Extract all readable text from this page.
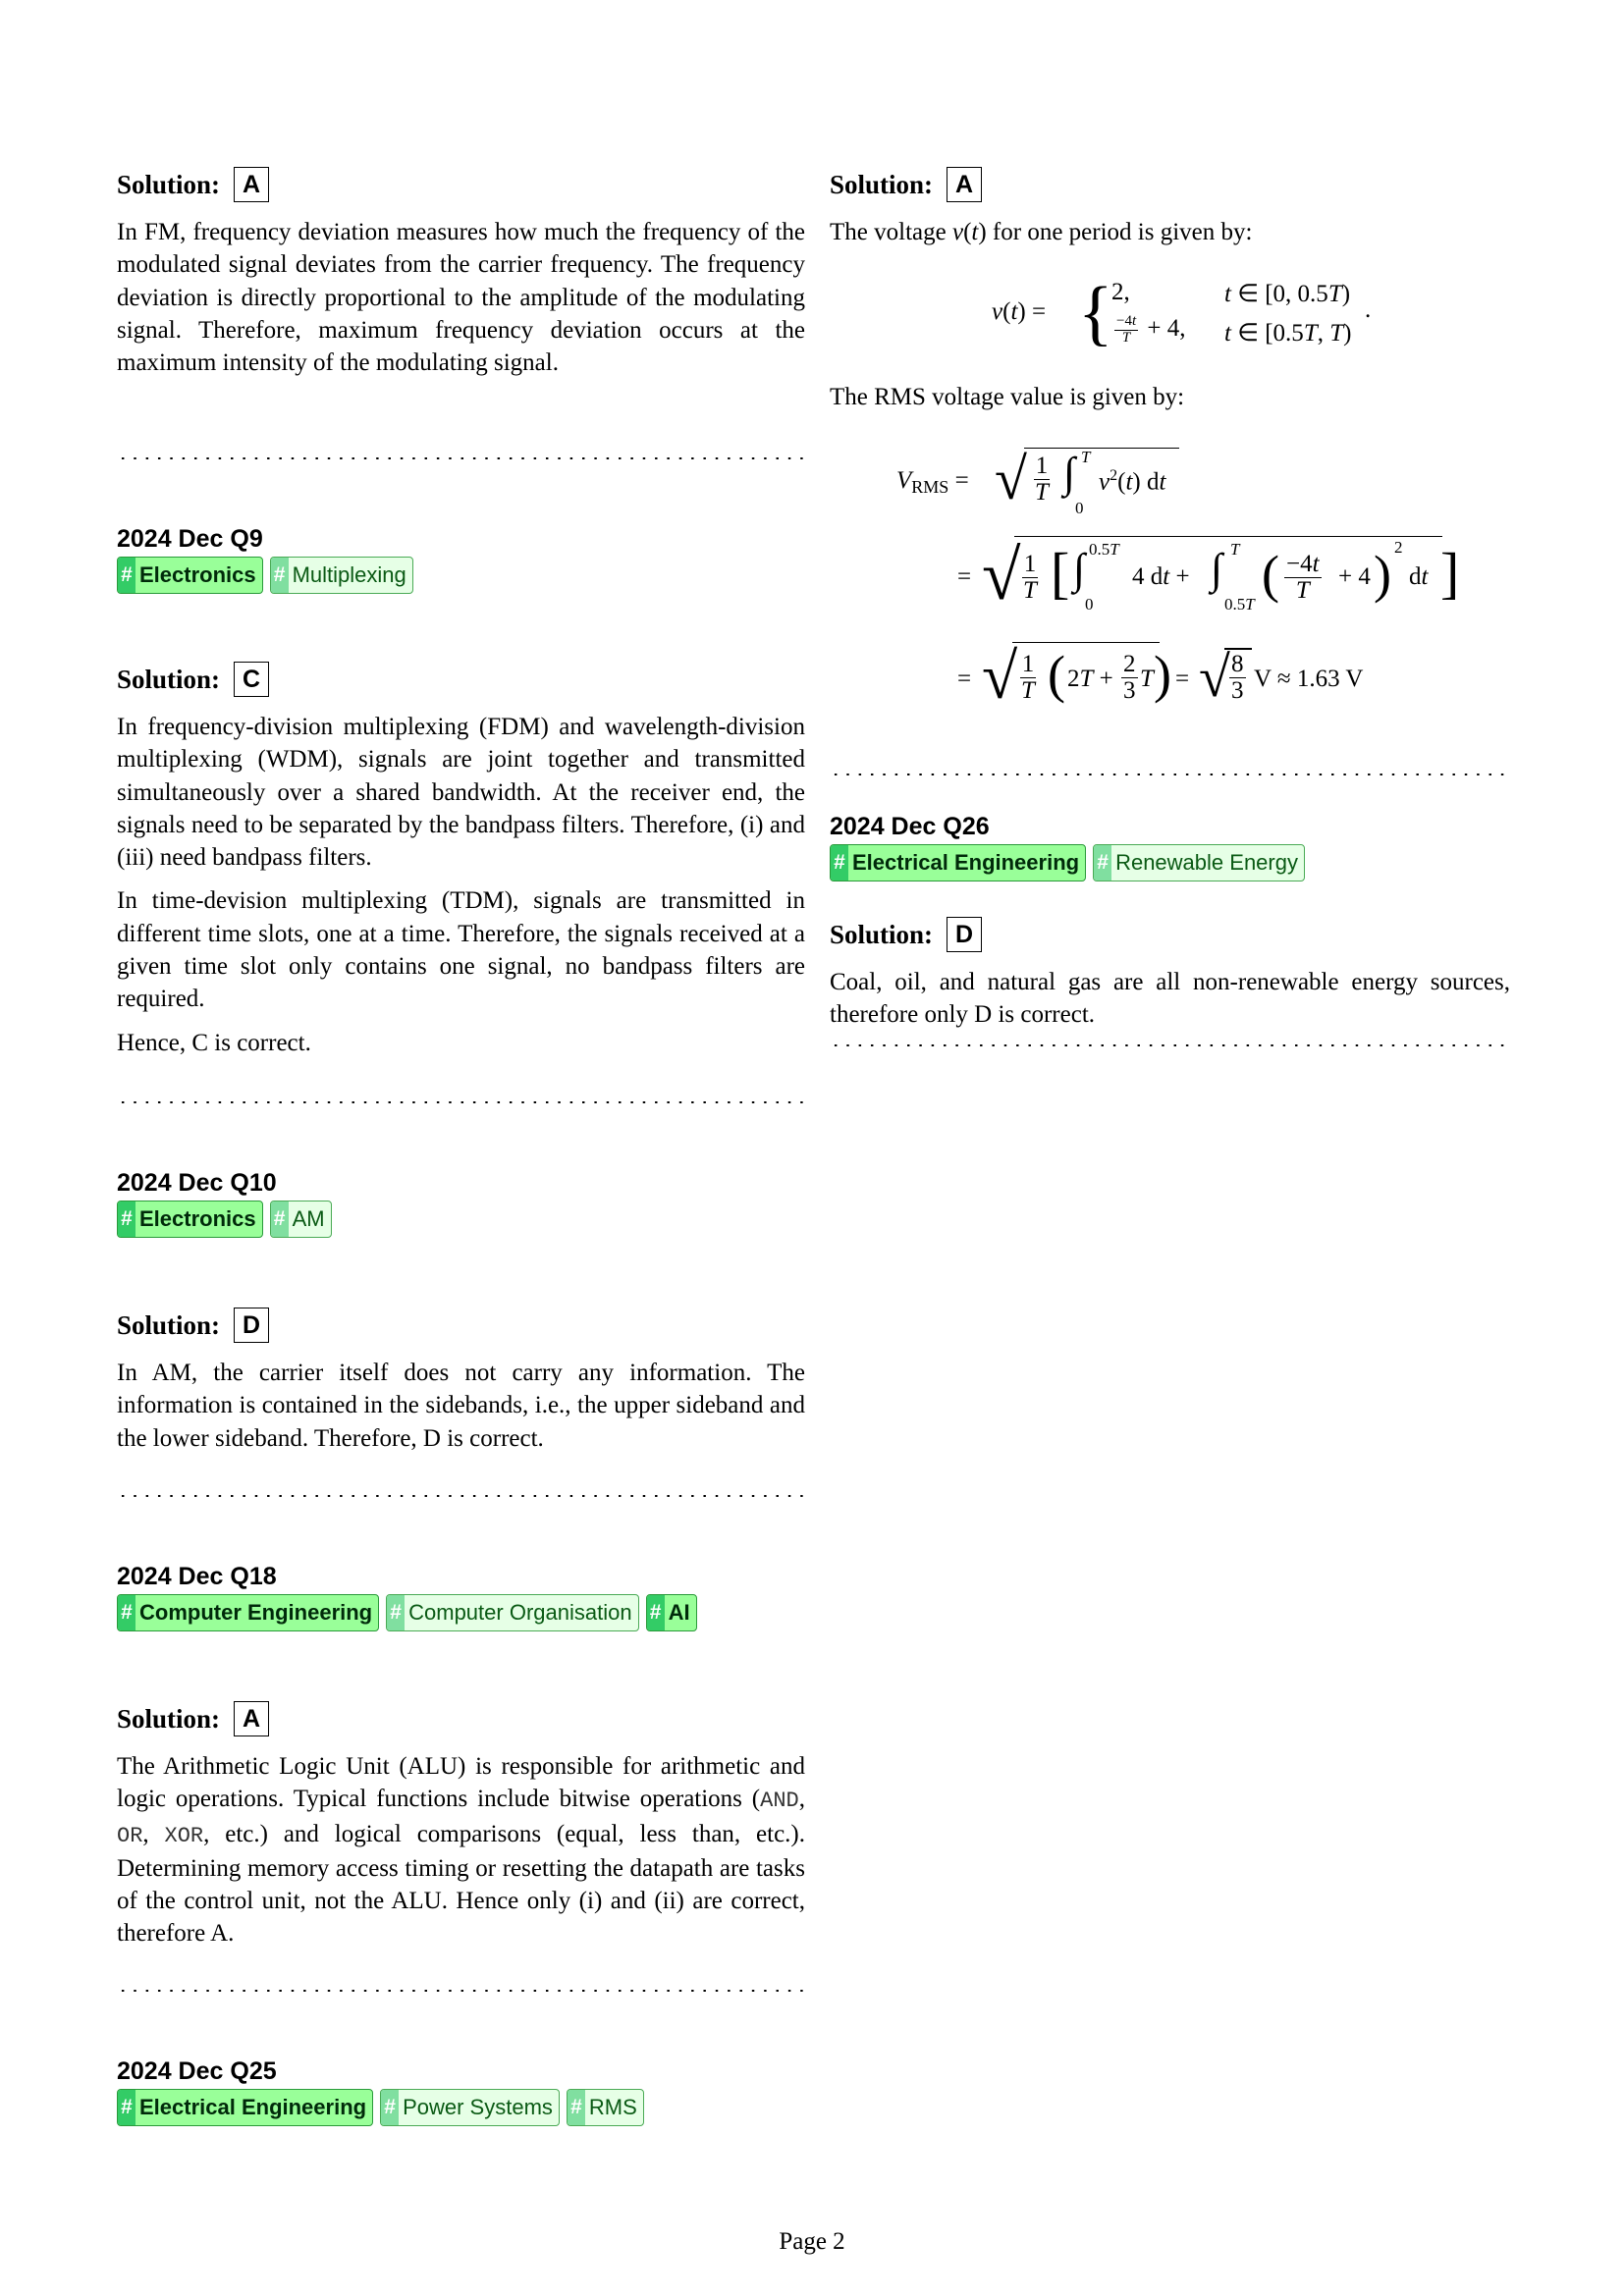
Solution: A

In FM, frequency deviation measures how much the frequency of the modulated signal deviates from the carrier frequency. The frequency deviation is directly proportional to the amplitude of the modulating signal. Therefore, maximum frequency deviation occurs at the maximum intensity of the modulating signal.

2024 Dec Q9
# Electronics # Multiplexing
Solution: C

In frequency-division multiplexing (FDM) and wavelength-division multiplexing (WDM), signals are joint together and transmitted simultaneously over a shared bandwidth. At the receiver end, the signals need to be separated by the bandpass filters. Therefore, (i) and (iii) need bandpass filters.

In time-devision multiplexing (TDM), signals are transmitted in different time slots, one at a time. Therefore, the signals received at a given time slot only contains one signal, no bandpass filters are required.

Hence, C is correct.

2024 Dec Q10
# Electronics # AM
Solution: D

In AM, the carrier itself does not carry any information. The information is contained in the sidebands, i.e., the upper sideband and the lower sideband. Therefore, D is correct.

2024 Dec Q18
# Computer Engineering # Computer Organisation # AI
Solution: A

The Arithmetic Logic Unit (ALU) is responsible for arithmetic and logic operations. Typical functions include bitwise operations (AND, OR, XOR, etc.) and logical comparisons (equal, less than, etc.). Determining memory access timing or resetting the datapath are tasks of the control unit, not the ALU. Hence only (i) and (ii) are correct, therefore A.

2024 Dec Q25
# Electrical Engineering # Power Systems # RMS
Solution: A

The voltage v(t) for one period is given by:

v(t) = {
2,	t ∈ [0, 0.5T)
$\frac{-4t}{T} + 4$, t ∈ [0.5T, T)
.

The RMS voltage value is given by:

$V_{RMS}$ = √ $\frac{1}{T}$ ∫ T
0
$v^2(t)$ dt
= √ $\frac{1}{T}$ [ ∫ 0.5T
0
4 dt + ∫ T
0.5T
( $\frac{-4t}{T} + 4$ ) 2
dt ]
= √ $\frac{1}{T}$ ( $2T + \frac{2}{3}$ T ) = √ $\frac{8}{3}$ V ≈ 1.63 V
2024 Dec Q26
# Electrical Engineering # Renewable Energy
Solution: D

Coal, oil, and natural gas are all non-renewable energy sources, therefore only D is correct.

Page 2
